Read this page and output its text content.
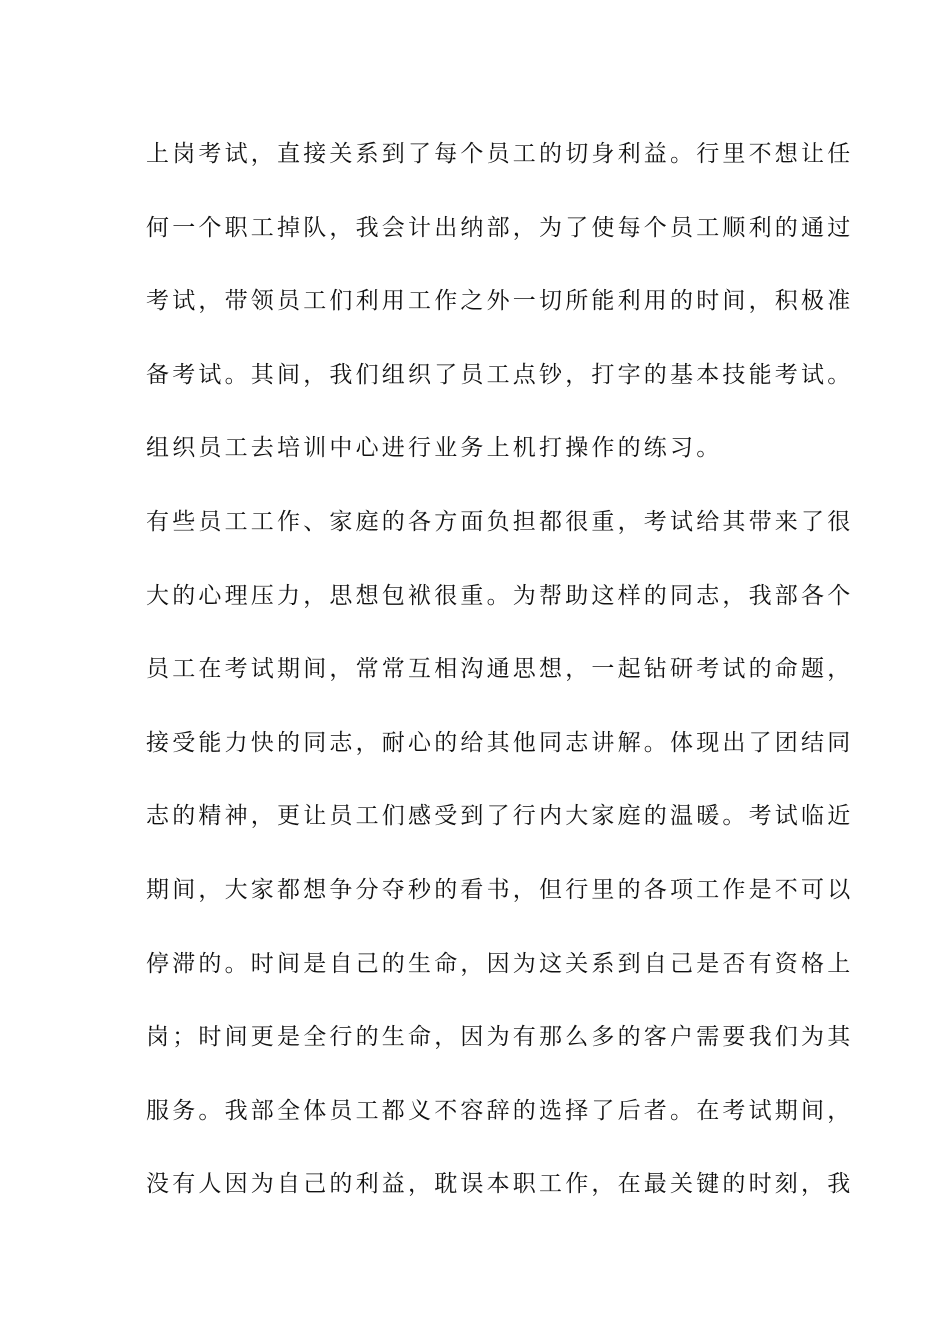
上岗考试，直接关系到了每个员工的切身利益。行里不想让任
何一个职工掉队，我会计出纳部，为了使每个员工顺利的通过
考试，带领员工们利用工作之外一切所能利用的时间，积极准
备考试。其间，我们组织了员工点钞，打字的基本技能考试。
组织员工去培训中心进行业务上机打操作的练习。
有些员工工作、家庭的各方面负担都很重，考试给其带来了很
大的心理压力，思想包袱很重。为帮助这样的同志，我部各个
员工在考试期间，常常互相沟通思想，一起钻研考试的命题，
接受能力快的同志，耐心的给其他同志讲解。体现出了团结同
志的精神，更让员工们感受到了行内大家庭的温暖。考试临近
期间，大家都想争分夺秒的看书，但行里的各项工作是不可以
停滞的。时间是自己的生命，因为这关系到自己是否有资格上
岗；时间更是全行的生命，因为有那么多的客户需要我们为其
服务。我部全体员工都义不容辞的选择了后者。在考试期间，
没有人因为自己的利益，耽误本职工作，在最关键的时刻，我
